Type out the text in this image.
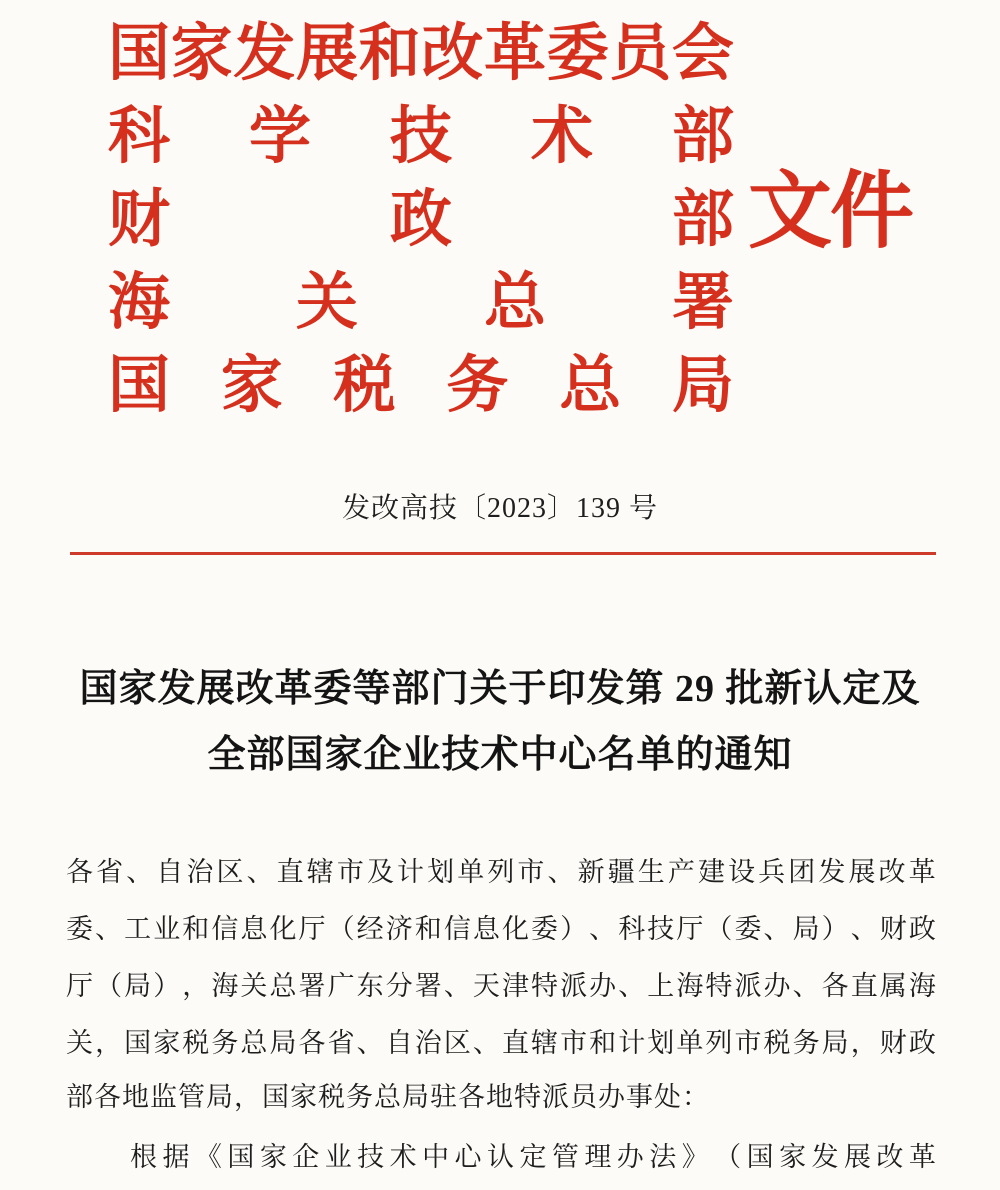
国 家 发 展 和 改 革 委 员 会
科 学 技 术 部
财	政	部
海 关 总 署
国 家 税 务 总 局
文件
发改高技〔2023〕139 号
国家发展改革委等部门关于印发第 29 批新认定及
全部国家企业技术中心名单的通知
各 省 、 自 治 区 、 直 辖 市 及 计 划 单 列 市 、 新 疆 生 产 建 设 兵 团 发 展 改 革
委 、 工 业 和 信 息 化 厅 （ 经 济 和 信 息 化 委 ） 、 科 技 厅 （ 委 、 局 ） 、 财 政
厅 （ 局 ） ， 海 关 总 署 广 东 分 署 、 天 津 特 派 办 、 上 海 特 派 办 、 各 直 属 海
关 ， 国 家 税 务 总 局 各 省 、 自 治 区 、 直 辖 市 和 计 划 单 列 市 税 务 局 ， 财 政
部各地监管局，国家税务总局驻各地特派员办事处：
根 据 《 国 家 企 业 技 术 中 心 认 定 管 理 办 法 》 （ 国 家 发 展 改 革
